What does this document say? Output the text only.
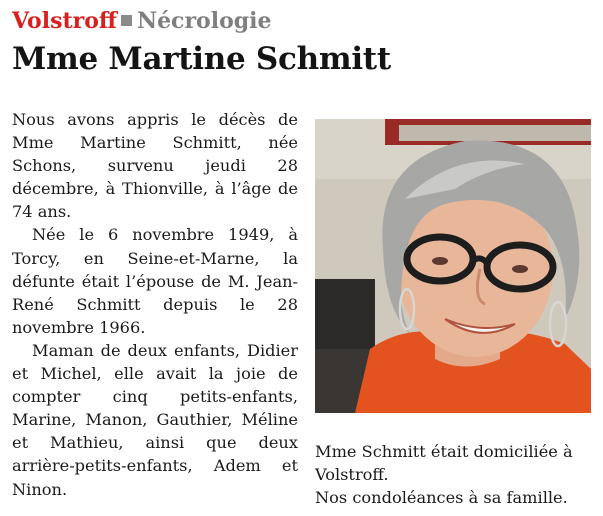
Volstroff Nécrologie
Mme Martine Schmitt

Nous avons appris le décès de Mme Martine Schmitt, née Schons, survenu jeudi 28 décembre, à Thionville, à l’âge de 74 ans.

Née le 6 novembre 1949, à Torcy, en Seine-et-Marne, la défunte était l’épouse de M. Jean-René Schmitt depuis le 28 novembre 1966.

Maman de deux enfants, Didier et Michel, elle avait la joie de compter cinq petits-enfants, Marine, Manon, Gauthier, Méline et Mathieu, ainsi que deux arrière-petits-enfants, Adem et Ninon.

Mme Schmitt était domiciliée à Volstroff.

Nos condoléances à sa famille.
